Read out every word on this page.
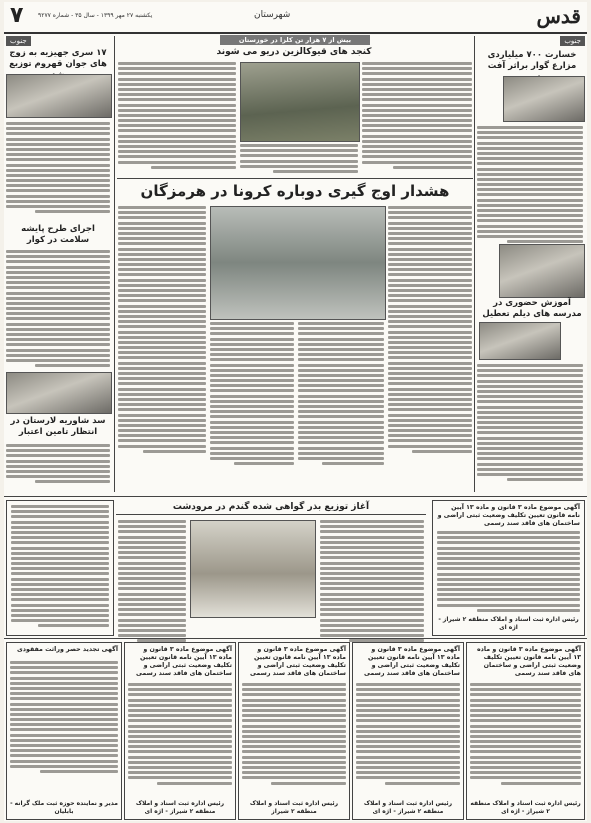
قدس
شهرستان
۷ یکشنبه ۲۷ مهر ۱۳۹۹ - سال ۳۵ - شماره ۹۲۷۷
جنوب
خسارت ۷۰۰ میلیاردی مزارع گوار براثر آفت
آموزش حضوری در مدرسه های دیلم تعطیل
جنوب
۱۷ سری جهیزیه به زوج های جوان قهروم توزیع
اجرای طرح پایشه سلامت در کوار
سد شاوریه لارستان در انتظار تامین اعتبار
بیش از ۷ هزار تن کلزا در خوزستان
کنجد های قیوکالزین دریو می شوند
هشدار اوج گیری دوباره کرونا در هرمزگان
آغاز توزیع بذر گواهی شده گندم در مرودشت	آگهی موضوع ماده ۳ قانون و ماده ۱۳ آیین نامه قانون تعیین تکلیف وضعیت ثبتی اراضی و ساختمان های فاقد سند رسمی
رئیس اداره ثبت اسناد و املاک منطقه ۲ شیراز - اژه ای
آگهی موضوع ماده ۳ قانون و ماده ۱۳ آیین نامه قانون تعیین تکلیف وضعیت ثبتی اراضی و ساختمان های فاقد سند رسمی
رئیس اداره ثبت اسناد و املاک منطقه ۲ شیراز - اژه ای
آگهی موضوع ماده ۳ قانون و ماده ۱۳ آیین نامه قانون تعیین تکلیف وضعیت ثبتی اراضی و ساختمان های فاقد سند رسمی
رئیس اداره ثبت اسناد و املاک منطقه ۲ شیراز - اژه ای
آگهی موضوع ماده ۳ قانون و ماده ۱۳ آیین نامه قانون تعیین تکلیف وضعیت ثبتی اراضی و ساختمان های فاقد سند رسمی
رئیس اداره ثبت اسناد و املاک منطقه ۲ شیراز
آگهی موضوع ماده ۳ قانون و ماده ۱۳ آیین نامه قانون تعیین تکلیف وضعیت ثبتی اراضی و ساختمان های فاقد سند رسمی
رئیس اداره ثبت اسناد و املاک منطقه ۲ شیراز - اژه ای
آگهی تجدید حصر وراثت مفقودی
مدیر و نماینده حوزه ثبت ملک گرانه - بابلیان
